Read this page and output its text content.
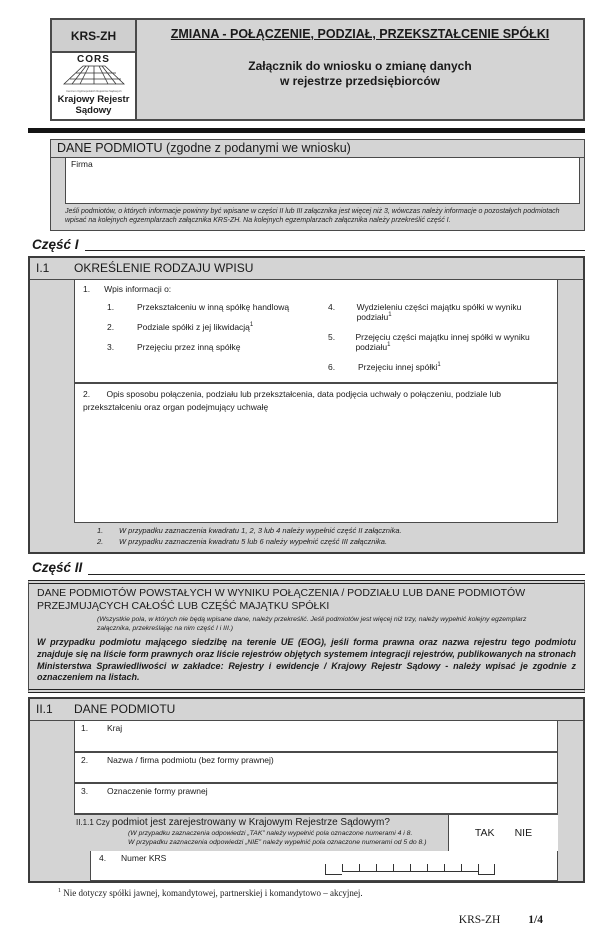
KRS-ZH
CORS
Centrum Ogólnopolskich Rejestrów Sądowych
Krajowy Rejestr
Sądowy
ZMIANA - POŁĄCZENIE, PODZIAŁ, PRZEKSZTAŁCENIE SPÓŁKI
Załącznik do wniosku o zmianę danych
w rejestrze przedsiębiorców
DANE PODMIOTU (zgodne z podanymi we wniosku)
Firma
Jeśli podmiotów, o których informacje powinny być wpisane w części II lub III załącznika jest więcej niż 3, wówczas należy informacje o pozostałych podmiotach wpisać na kolejnych egzemplarzach załącznika KRS-ZH. Na kolejnych egzemplarzach załącznika należy przekreślić część I.
Część I
I.1	OKREŚLENIE RODZAJU WPISU
1. Wpis informacji o:
1.	Przekształceniu w inną spółkę handlową
2.	Podziale spółki z jej likwidacją$^1$
3.	Przejęciu przez inną spółkę
4.	Wydzieleniu części majątku spółki w wyniku podziału$^1$
5.	Przejęciu części majątku innej spółki w wyniku podziału$^1$
6.	Przejęciu innej spółki$^1$
2. Opis sposobu połączenia, podziału lub przekształcenia, data podjęcia uchwały o połączeniu, podziale lub przekształceniu oraz organ podejmujący uchwałę
1.	W przypadku zaznaczenia kwadratu 1, 2, 3 lub 4 należy wypełnić część II załącznika.
2.	W przypadku zaznaczenia kwadratu 5 lub 6 należy wypełnić część III załącznika.
Część II
DANE PODMIOTÓW POWSTAŁYCH W WYNIKU POŁĄCZENIA / PODZIAŁU LUB DANE PODMIOTÓW PRZEJMUJĄCYCH CAŁOŚĆ LUB CZĘŚĆ MAJĄTKU SPÓŁKI
(Wszystkie pola, w których nie będą wpisane dane, należy przekreślić. Jeśli podmiotów jest więcej niż trzy, należy wypełnić kolejny egzemplarz załącznika, przekreślając na nim część I i III.)
W przypadku podmiotu mającego siedzibę na terenie UE (EOG), jeśli forma prawna oraz nazwa rejestru tego podmiotu znajduje się na liście form prawnych oraz liście rejestrów objętych systemem integracji rejestrów, publikowanych na stronach Ministerstwa Sprawiedliwości w zakładce: Rejestry i ewidencje / Krajowy Rejestr Sądowy - należy wpisać je zgodnie z oznaczeniem na listach.
II.1	DANE PODMIOTU
1.	Kraj
2.	Nazwa / firma podmiotu (bez formy prawnej)
3.	Oznaczenie formy prawnej
II.1.1 Czy podmiot jest zarejestrowany w Krajowym Rejestrze Sądowym?
(W przypadku zaznaczenia odpowiedzi „TAK” należy wypełnić pola oznaczone numerami 4 i 8.
W przypadku zaznaczenia odpowiedzi „NIE” należy wypełnić pola oznaczone numerami od 5 do 8.)
TAK NIE
4.	Numer KRS
$^1$ Nie dotyczy spółki jawnej, komandytowej, partnerskiej i komandytowo – akcyjnej.
KRS-ZH 1/4
